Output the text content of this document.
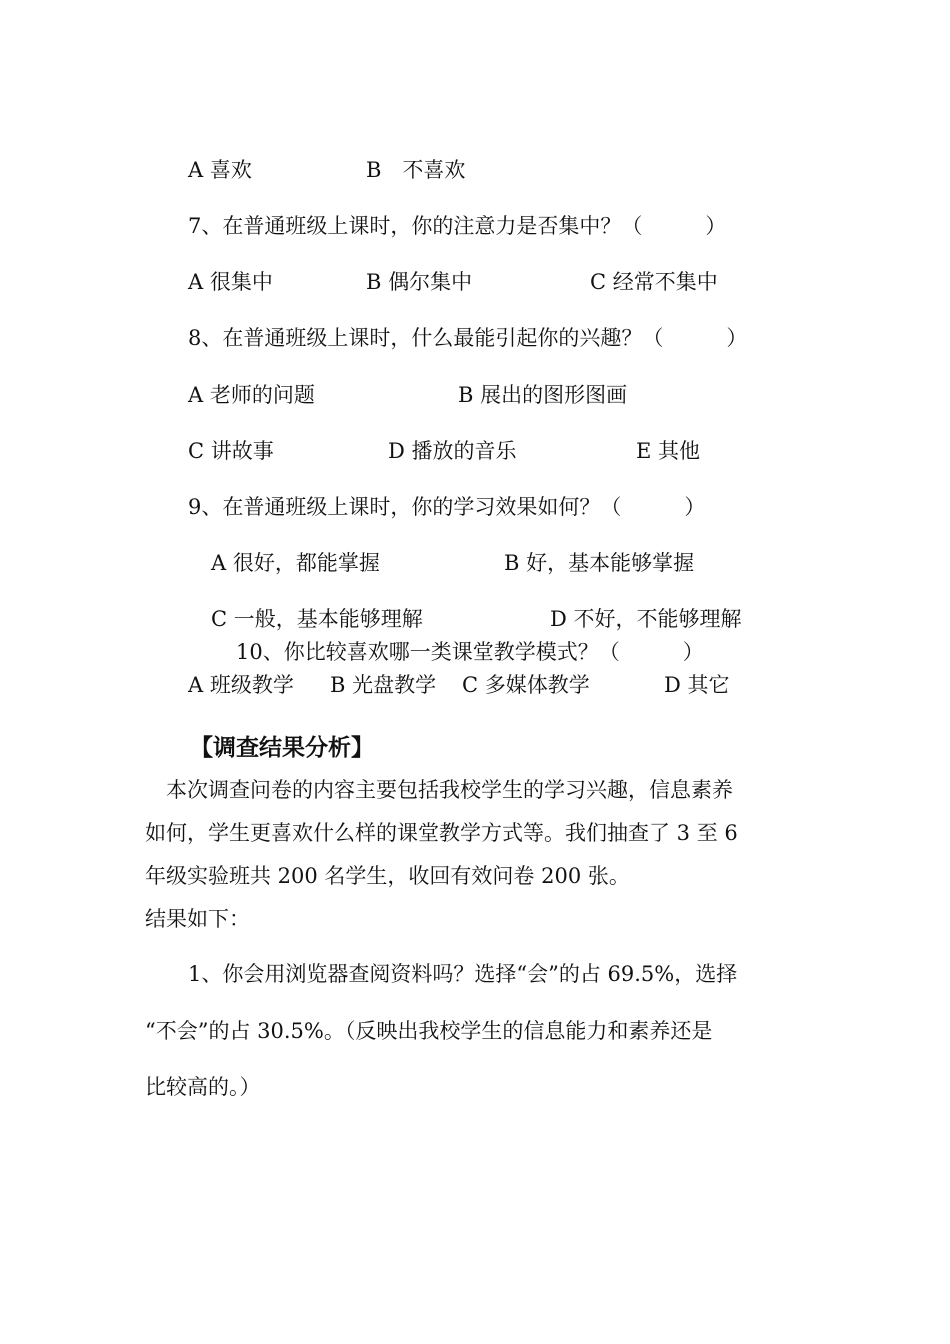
A 喜欢	B　不喜欢
7、在普通班级上课时，你的注意力是否集中？（　　　）
A 很集中	B 偶尔集中	C 经常不集中
8、在普通班级上课时，什么最能引起你的兴趣？（　　　）
A 老师的问题	B 展出的图形图画
C 讲故事	D 播放的音乐	E 其他
9、在普通班级上课时，你的学习效果如何？（　　　）
A 很好，都能掌握	B 好，基本能够掌握
C 一般，基本能够理解	D 不好，不能够理解
10、你比较喜欢哪一类课堂教学模式？（　　　）
A 班级教学 B 光盘教学 C 多媒体教学	D 其它
【调查结果分析】
本次调查问卷的内容主要包括我校学生的学习兴趣，信息素养
如何，学生更喜欢什么样的课堂教学方式等。我们抽查了 3 至 6
年级实验班共 200 名学生，收回有效问卷 200 张。
结果如下：
1、你会用浏览器查阅资料吗？选择“会”的占 69.5%，选择
“不会”的占 30.5%。（反映出我校学生的信息能力和素养还是
比较高的。）
